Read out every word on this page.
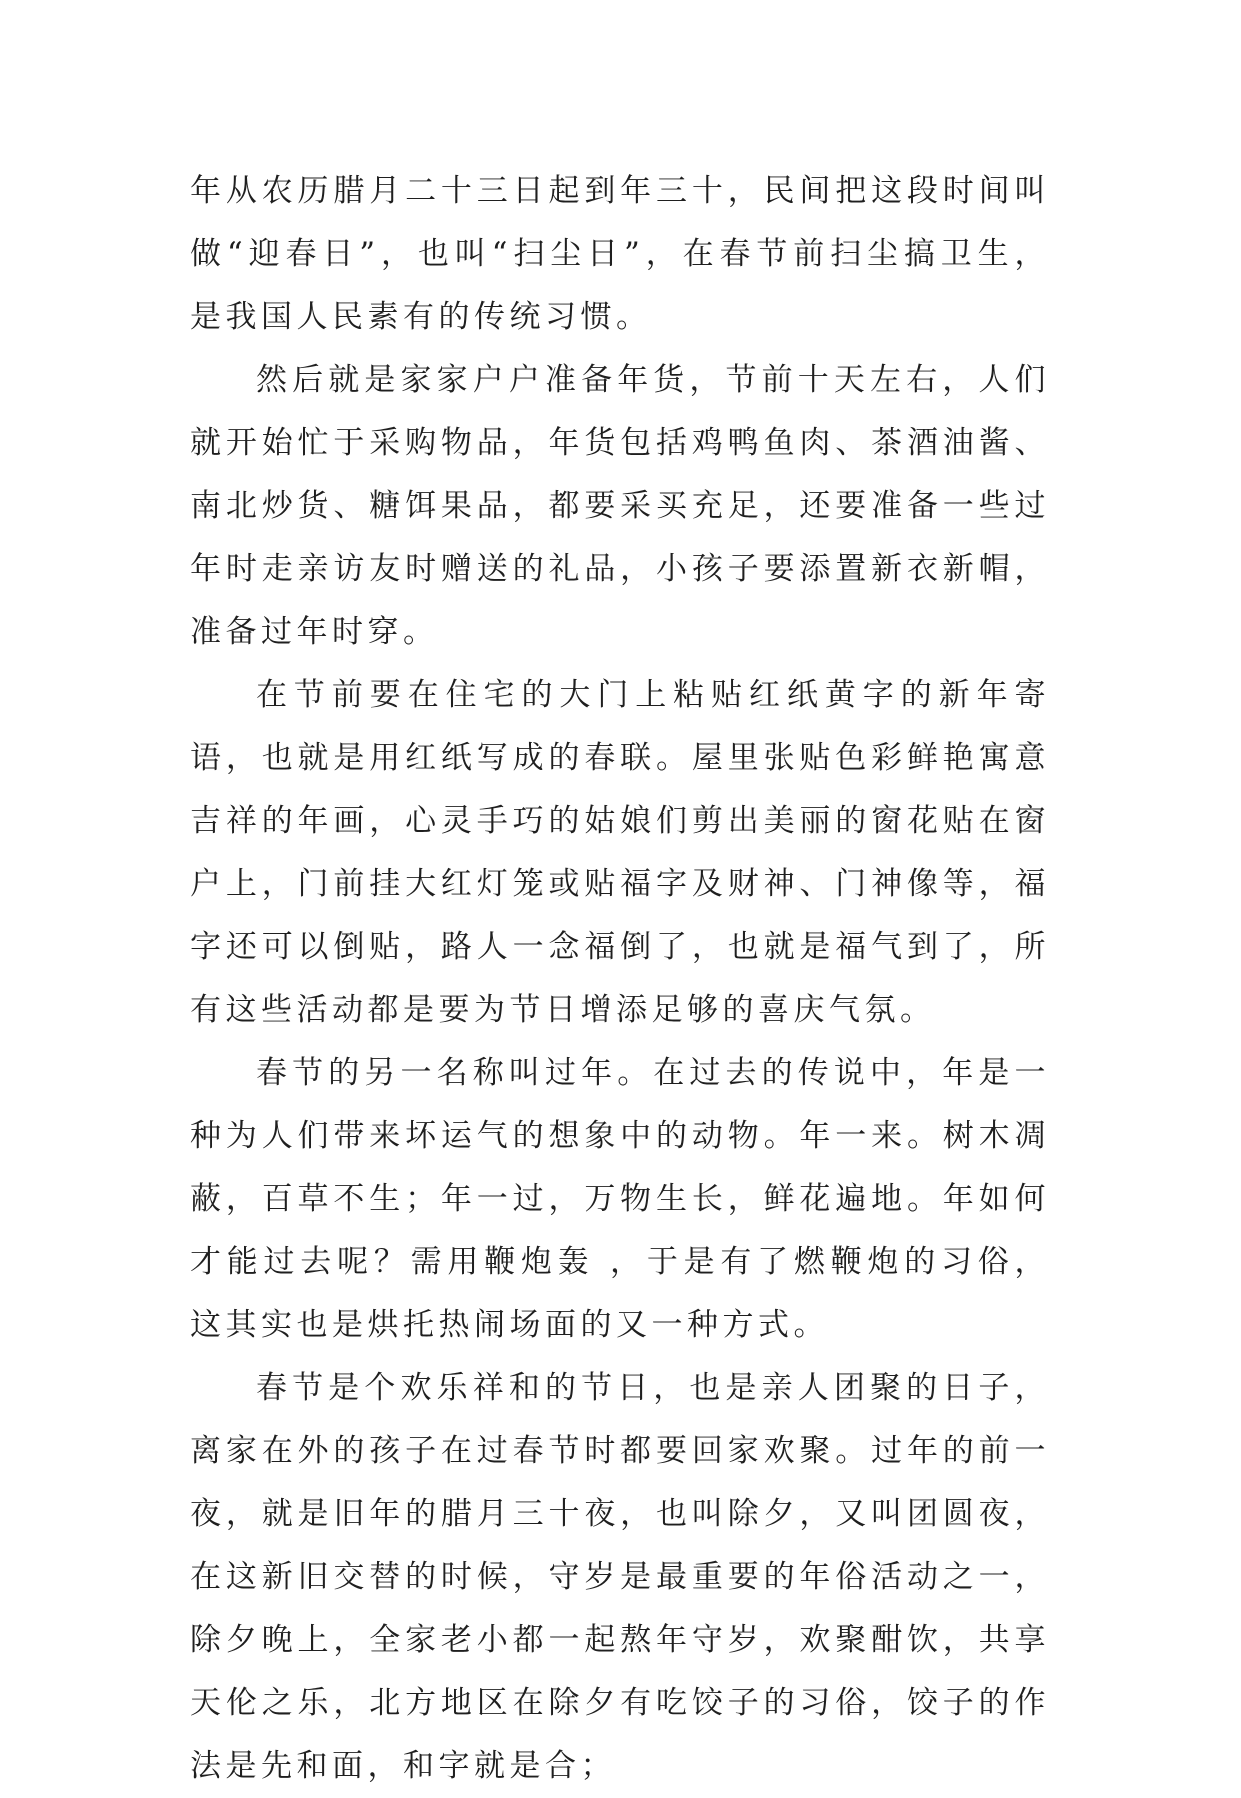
年从农历腊月二十三日起到年三十，民间把这段时间叫做“迎春日”，也叫“扫尘日”，在春节前扫尘搞卫生，是我国人民素有的传统习惯。

然后就是家家户户准备年货，节前十天左右，人们就开始忙于采购物品，年货包括鸡鸭鱼肉、茶酒油酱、南北炒货、糖饵果品，都要采买充足，还要准备一些过年时走亲访友时赠送的礼品，小孩子要添置新衣新帽，准备过年时穿。

在节前要在住宅的大门上粘贴红纸黄字的新年寄语，也就是用红纸写成的春联。屋里张贴色彩鲜艳寓意吉祥的年画，心灵手巧的姑娘们剪出美丽的窗花贴在窗户上，门前挂大红灯笼或贴福字及财神、门神像等，福字还可以倒贴，路人一念福倒了，也就是福气到了，所有这些活动都是要为节日增添足够的喜庆气氛。

春节的另一名称叫过年。在过去的传说中，年是一种为人们带来坏运气的想象中的动物。年一来。树木凋蔽，百草不生；年一过，万物生长，鲜花遍地。年如何才能过去呢？需用鞭炮轰 ，于是有了燃鞭炮的习俗，这其实也是烘托热闹场面的又一种方式。

春节是个欢乐祥和的节日，也是亲人团聚的日子，离家在外的孩子在过春节时都要回家欢聚。过年的前一夜，就是旧年的腊月三十夜，也叫除夕，又叫团圆夜，在这新旧交替的时候，守岁是最重要的年俗活动之一，除夕晚上，全家老小都一起熬年守岁，欢聚酣饮，共享天伦之乐，北方地区在除夕有吃饺子的习俗，饺子的作法是先和面，和字就是合；
